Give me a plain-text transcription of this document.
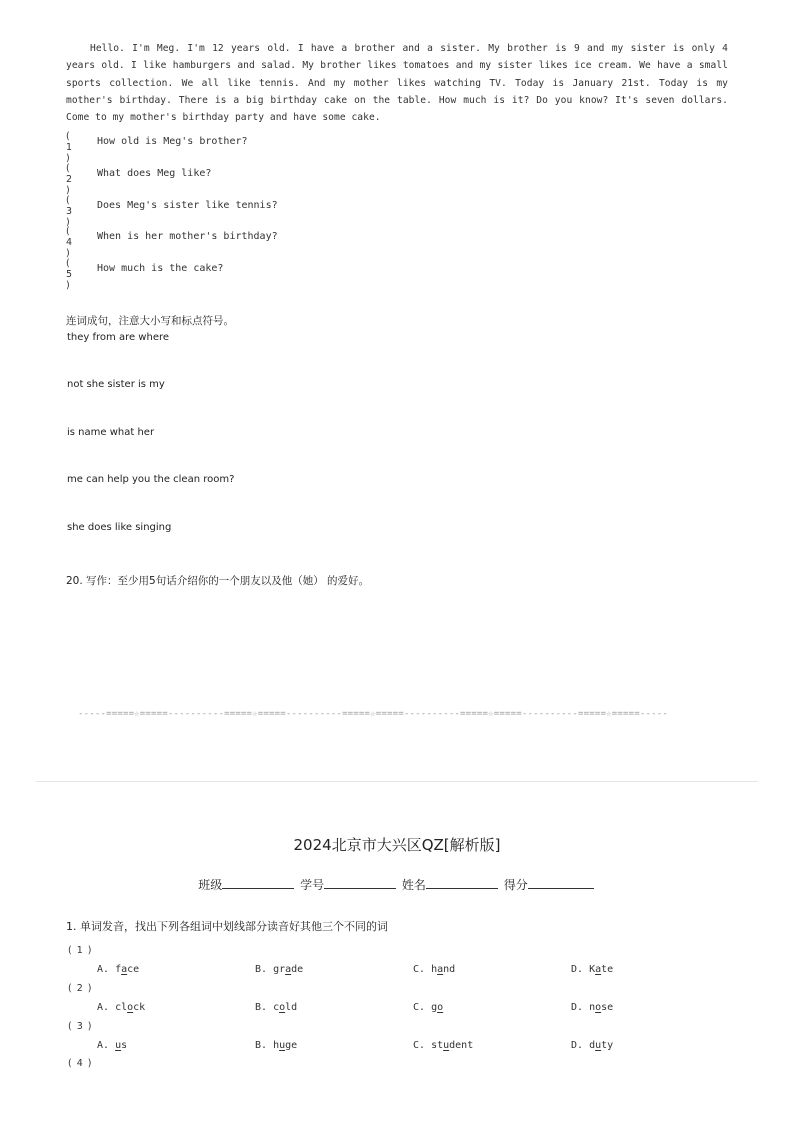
Hello. I'm Meg. I'm 12 years old. I have a brother and a sister. My brother is 9 and my sister is only 4 years old. I like hamburgers and salad. My brother likes tomatoes and my sister likes ice cream. We have a small sports collection. We all like tennis. And my mother likes watching TV. Today is January 21st. Today is my mother's birthday. There is a big birthday cake on the table. How much is it? Do you know? It's seven dollars. Come to my mother's birthday party and have some cake.
( 1 )
How old is Meg's brother?
( 2 )
What does Meg like?
( 3 )
Does Meg's sister like tennis?
( 4 )
When is her mother's birthday?
( 5 )
How much is the cake?
连词成句，注意大小写和标点符号。
they from are where
not she sister is my
is name what her
me can help you the clean room?
she does like singing
20. 写作：至少用5句话介绍你的一个朋友以及他（她） 的爱好。
-----=====☆=====----------=====☆=====----------=====☆=====----------=====☆=====----------=====☆=====-----
2024北京市大兴区QZ[解析版]
班级	学号	姓名	得分
1. 单词发音，找出下列各组词中划线部分读音好其他三个不同的词
( 1 )
A. face	B. grade	C. hand	D. Kate
( 2 )
A. clock	B. cold	C. go	D. nose
( 3 )
A. us	B. huge	C. student	D. duty
( 4 )
